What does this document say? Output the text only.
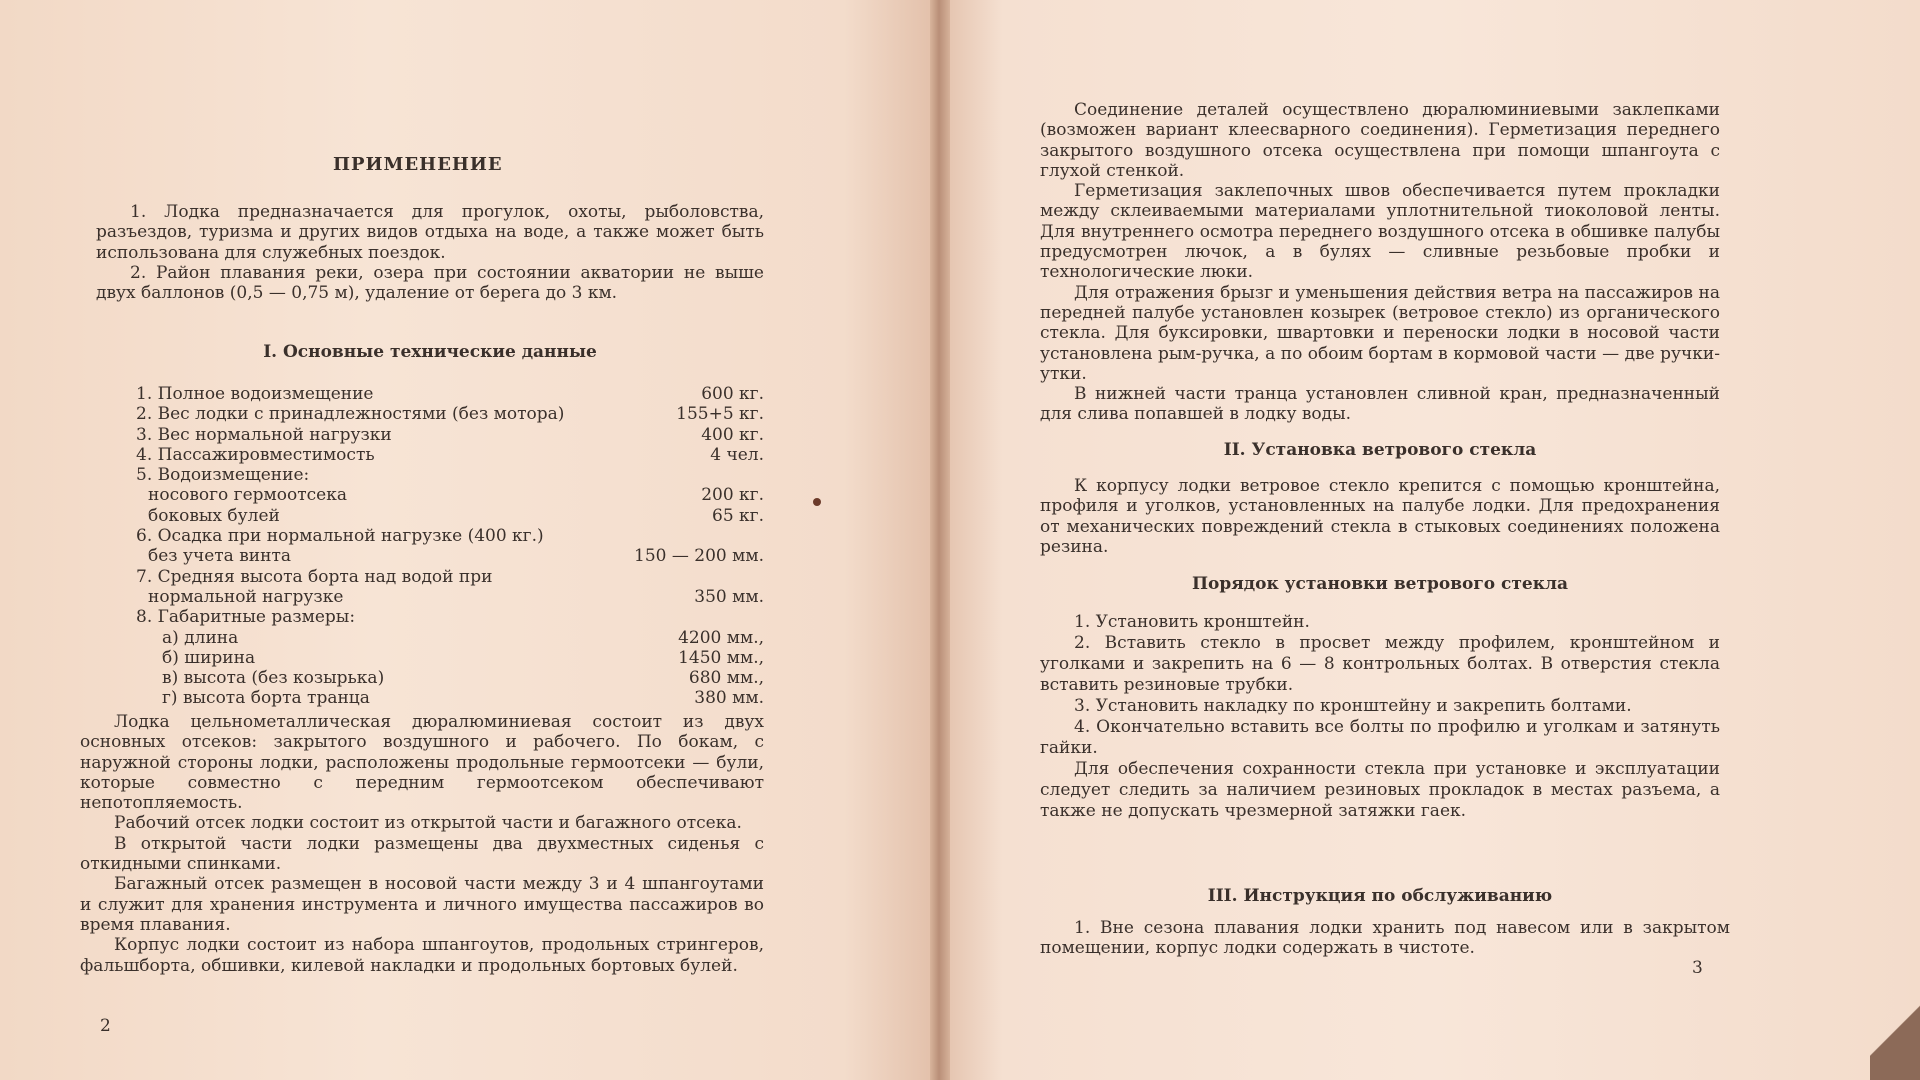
ПРИМЕНЕНИЕ

1. Лодка предназначается для прогулок, охоты, рыболовства, разъездов, туризма и других видов отдыха на воде, а также может быть использована для служебных поездок.

2. Район плавания реки, озера при состоянии акватории не выше двух баллонов (0,5 — 0,75 м), удаление от берега до 3 км.

I. Основные технические данные
1. Полное водоизмещение	600 кг.
2. Вес лодки с принадлежностями (без мотора)	155+5 кг.
3. Вес нормальной нагрузки	400 кг.
4. Пассажировместимость	4 чел.
5. Водоизмещение:
носового гермоотсека	200 кг.
боковых булей	65 кг.
6. Осадка при нормальной нагрузке (400 кг.)
без учета винта	150 — 200 мм.
7. Средняя высота борта над водой при
нормальной нагрузке	350 мм.
8. Габаритные размеры:
а) длина	4200 мм.,
б) ширина	1450 мм.,
в) высота (без козырька)	680 мм.,
г) высота борта транца	380 мм.

Лодка цельнометаллическая дюралюминиевая состоит из двух основных отсеков: закрытого воздушного и рабочего. По бокам, с наружной стороны лодки, расположены продольные гермоотсеки — були, которые совместно с передним гермоотсеком обеспечивают непотопляемость.

Рабочий отсек лодки состоит из открытой части и багажного отсека.

В открытой части лодки размещены два двухместных сиденья с откидными спинками.

Багажный отсек размещен в носовой части между 3 и 4 шпангоутами и служит для хранения инструмента и личного имущества пассажиров во время плавания.

Корпус лодки состоит из набора шпангоутов, продольных стрингеров, фальшборта, обшивки, килевой накладки и продольных бортовых булей.

2

Соединение деталей осуществлено дюралюминиевыми заклепками (возможен вариант клеесварного соединения). Герметизация переднего закрытого воздушного отсека осуществлена при помощи шпангоута с глухой стенкой.

Герметизация заклепочных швов обеспечивается путем прокладки между склеиваемыми материалами уплотнительной тиоколовой ленты. Для внутреннего осмотра переднего воздушного отсека в обшивке палубы предусмотрен лючок, а в булях — сливные резьбовые пробки и технологические люки.

Для отражения брызг и уменьшения действия ветра на пассажиров на передней палубе установлен козырек (ветровое стекло) из органического стекла. Для буксировки, швартовки и переноски лодки в носовой части установлена рым-ручка, а по обоим бортам в кормовой части — две ручки-утки.

В нижней части транца установлен сливной кран, предназначенный для слива попавшей в лодку воды.

II. Установка ветрового стекла

К корпусу лодки ветровое стекло крепится с помощью кронштейна, профиля и уголков, установленных на палубе лодки. Для предохранения от механических повреждений стекла в стыковых соединениях положена резина.

Порядок установки ветрового стекла

1. Установить кронштейн.

2. Вставить стекло в просвет между профилем, кронштейном и уголками и закрепить на 6 — 8 контрольных болтах. В отверстия стекла вставить резиновые трубки.

3. Установить накладку по кронштейну и закрепить болтами.

4. Окончательно вставить все болты по профилю и уголкам и затянуть гайки.

Для обеспечения сохранности стекла при установке и эксплуатации следует следить за наличием резиновых прокладок в местах разъема, а также не допускать чрезмерной затяжки гаек.

III. Инструкция по обслуживанию

1. Вне сезона плавания лодки хранить под навесом или в закрытом помещении, корпус лодки содержать в чистоте.

3
